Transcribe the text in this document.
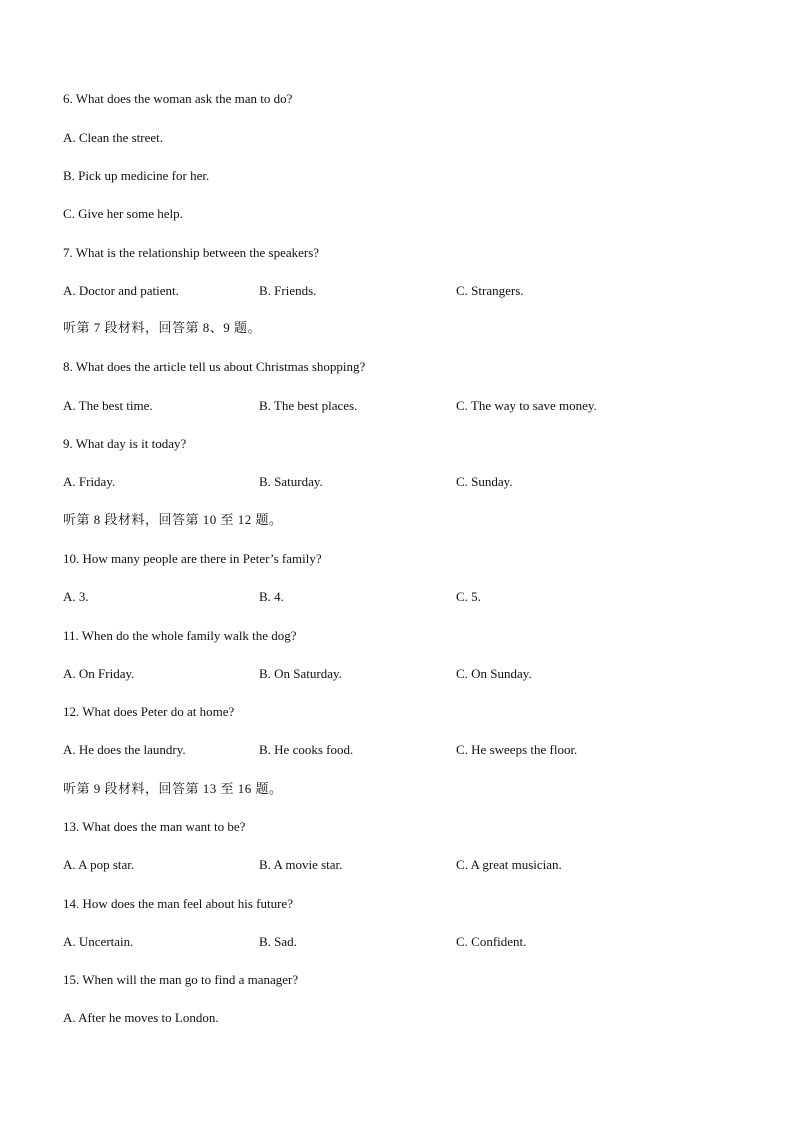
6. What does the woman ask the man to do?
A. Clean the street.
B. Pick up medicine for her.
C. Give her some help.
7. What is the relationship between the speakers?
A. Doctor and patient.	B. Friends.	C. Strangers.
听第 7 段材料，回答第 8、9 题。
8. What does the article tell us about Christmas shopping?
A. The best time.	B. The best places.	C. The way to save money.
9. What day is it today?
A. Friday.	B. Saturday.	C. Sunday.
听第 8 段材料，回答第 10 至 12 题。
10. How many people are there in Peter’s family?
A. 3.	B. 4.	C. 5.
11. When do the whole family walk the dog?
A. On Friday.	B. On Saturday.	C. On Sunday.
12. What does Peter do at home?
A. He does the laundry.	B. He cooks food.	C. He sweeps the floor.
听第 9 段材料，回答第 13 至 16 题。
13. What does the man want to be?
A. A pop star.	B. A movie star.	C. A great musician.
14. How does the man feel about his future?
A. Uncertain.	B. Sad.	C. Confident.
15. When will the man go to find a manager?
A. After he moves to London.
